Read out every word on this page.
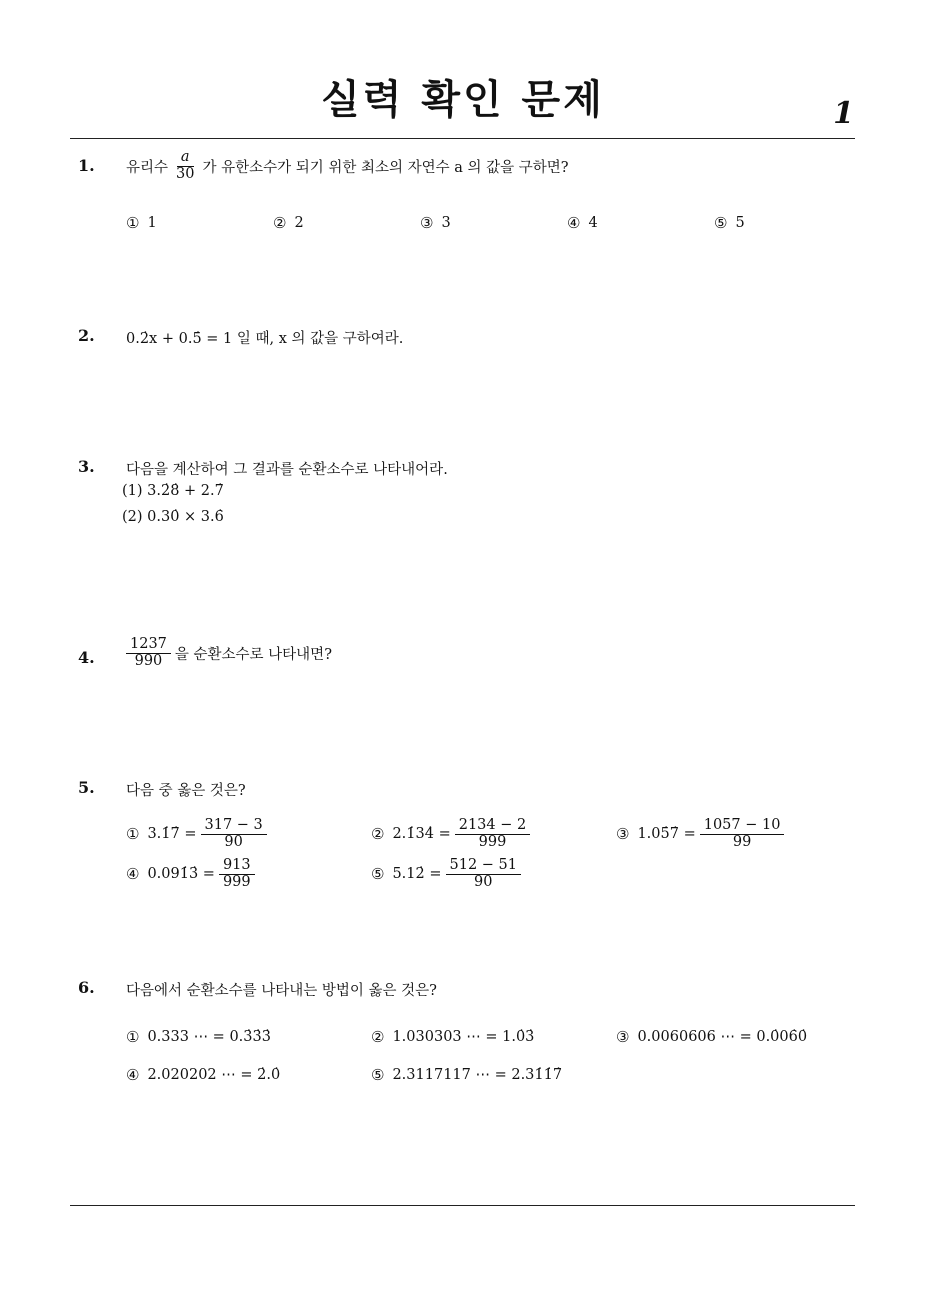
실력 확인 문제	1
1. 유리수 $\frac{a}{30}$ 가 유한소수가 되기 위한 최소의 자연수 a 의 값을 구하면?
① 1	② 2	③ 3	④ 4	⑤ 5
2. 0.2̇x + 0.5̇ = 1 일 때, x 의 값을 구하여라.
3. 다음을 계산하여 그 결과를 순환소수로 나타내어라.
(1) 3.2̇8̇ + 2.7̇
(2) 0.30̇ × 3.6̇
4. $\frac{1237}{990}$ 을 순환소수로 나타내면?
5. 다음 중 옳은 것은?
① 3.1̇7̇ = $\frac{317 - 3}{90}$	② 2.1̇34̇ = $\frac{2134 - 2}{999}$	③ 1.05̇7̇ = $\frac{1057 - 10}{99}$
④ 0.091̇3̇ = $\frac{913}{999}$	⑤ 5.12̇ = $\frac{512 - 51}{90}$
6. 다음에서 순환소수를 나타내는 방법이 옳은 것은?
① 0.333 ⋯ = 0.3̇3̇3̇	② 1.030303 ⋯ = 1.0̇3̇	③ 0.0060606 ⋯ = 0.0̇06̇0̇
④ 2.020202 ⋯ = 2̇.0̇	⑤ 2.3117117 ⋯ = 2.31̇1̇7̇
